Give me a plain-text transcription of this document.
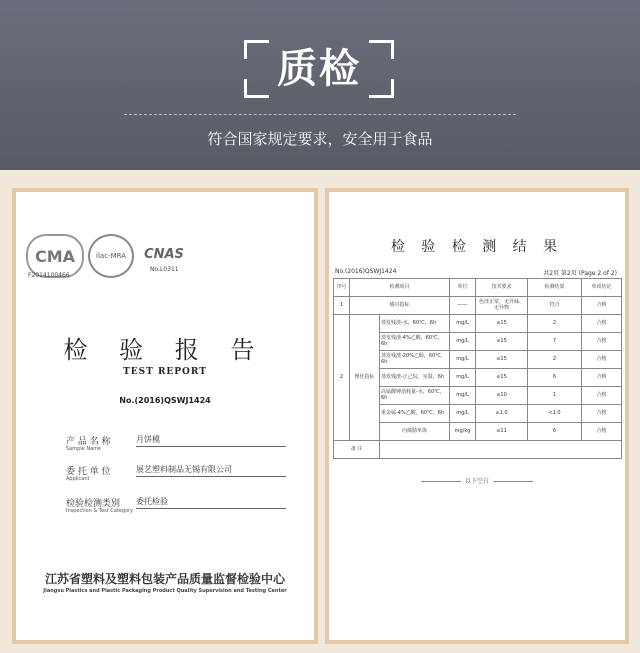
质检
符合国家规定要求，安全用于食品
CMA	ilac-MRA	CNAS
F2014100466
No.L0311
检 验 报 告
TEST REPORT
No.(2016)QSWJ1424
产 品 名 称
Sample Name
月饼模
委 托 单 位
Applicant
展艺塑料制品无锡有限公司
检验检测类别
Inspection & Test Category
委托检验
江苏省塑料及塑料包装产品质量监督检验中心
Jiangsu Plastics and Plastic Packaging Product Quality Supervision and Testing Center
检 验 检 测 结 果
No.(2016)QSWJ1424	共2页 第2页 (Page 2 of 2)
序号	检测项目		单位	技术要求	检测结果	单项结论
1	感官指标		——	色泽正常，无异味、无异物	符合	合格
2	理化指标	蒸发残渣-水，60℃，6h	mg/L	≤15	2	合格
		蒸发残渣-4%乙酸，60℃，6h	mg/L	≤15	7	合格
		蒸发残渣-20%乙醇，60℃，6h	mg/L	≤15	2	合格
		蒸发残渣-正己烷，室温，6h	mg/L	≤15	6	合格
		高锰酸钾消耗量-水，60℃，6h	mg/L	≤10	1	合格
		重金属-4%乙酸，60℃，6h	mg/L	≤1.0	<1.0	合格
		丙烯腈单体	mg/kg	≤11	6	合格
备 注						
以下空白
